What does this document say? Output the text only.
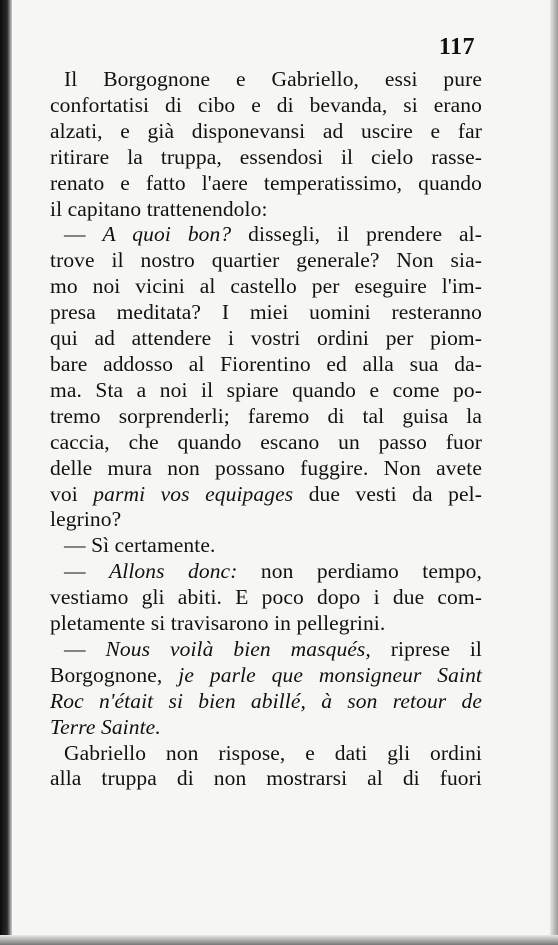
117
Il Borgognone e Gabriello, essi pure
confortatisi di cibo e di bevanda, si erano
alzati, e già disponevansi ad uscire e far
ritirare la truppa, essendosi il cielo rasse-
renato e fatto l'aere temperatissimo, quando
il capitano trattenendolo:
— A quoi bon? dissegli, il prendere al-
trove il nostro quartier generale? Non sia-
mo noi vicini al castello per eseguire l'im-
presa meditata? I miei uomini resteranno
qui ad attendere i vostri ordini per piom-
bare addosso al Fiorentino ed alla sua da-
ma. Sta a noi il spiare quando e come po-
tremo sorprenderli; faremo di tal guisa la
caccia, che quando escano un passo fuor
delle mura non possano fuggire. Non avete
voi parmi vos equipages due vesti da pel-
legrino?
— Sì certamente.
— Allons donc: non perdiamo tempo,
vestiamo gli abiti. E poco dopo i due com-
pletamente si travisarono in pellegrini.
— Nous voilà bien masqués, riprese il
Borgognone, je parle que monsigneur Saint
Roc n'était si bien abillé, à son retour de
Terre Sainte.
Gabriello non rispose, e dati gli ordini
alla truppa di non mostrarsi al di fuori
